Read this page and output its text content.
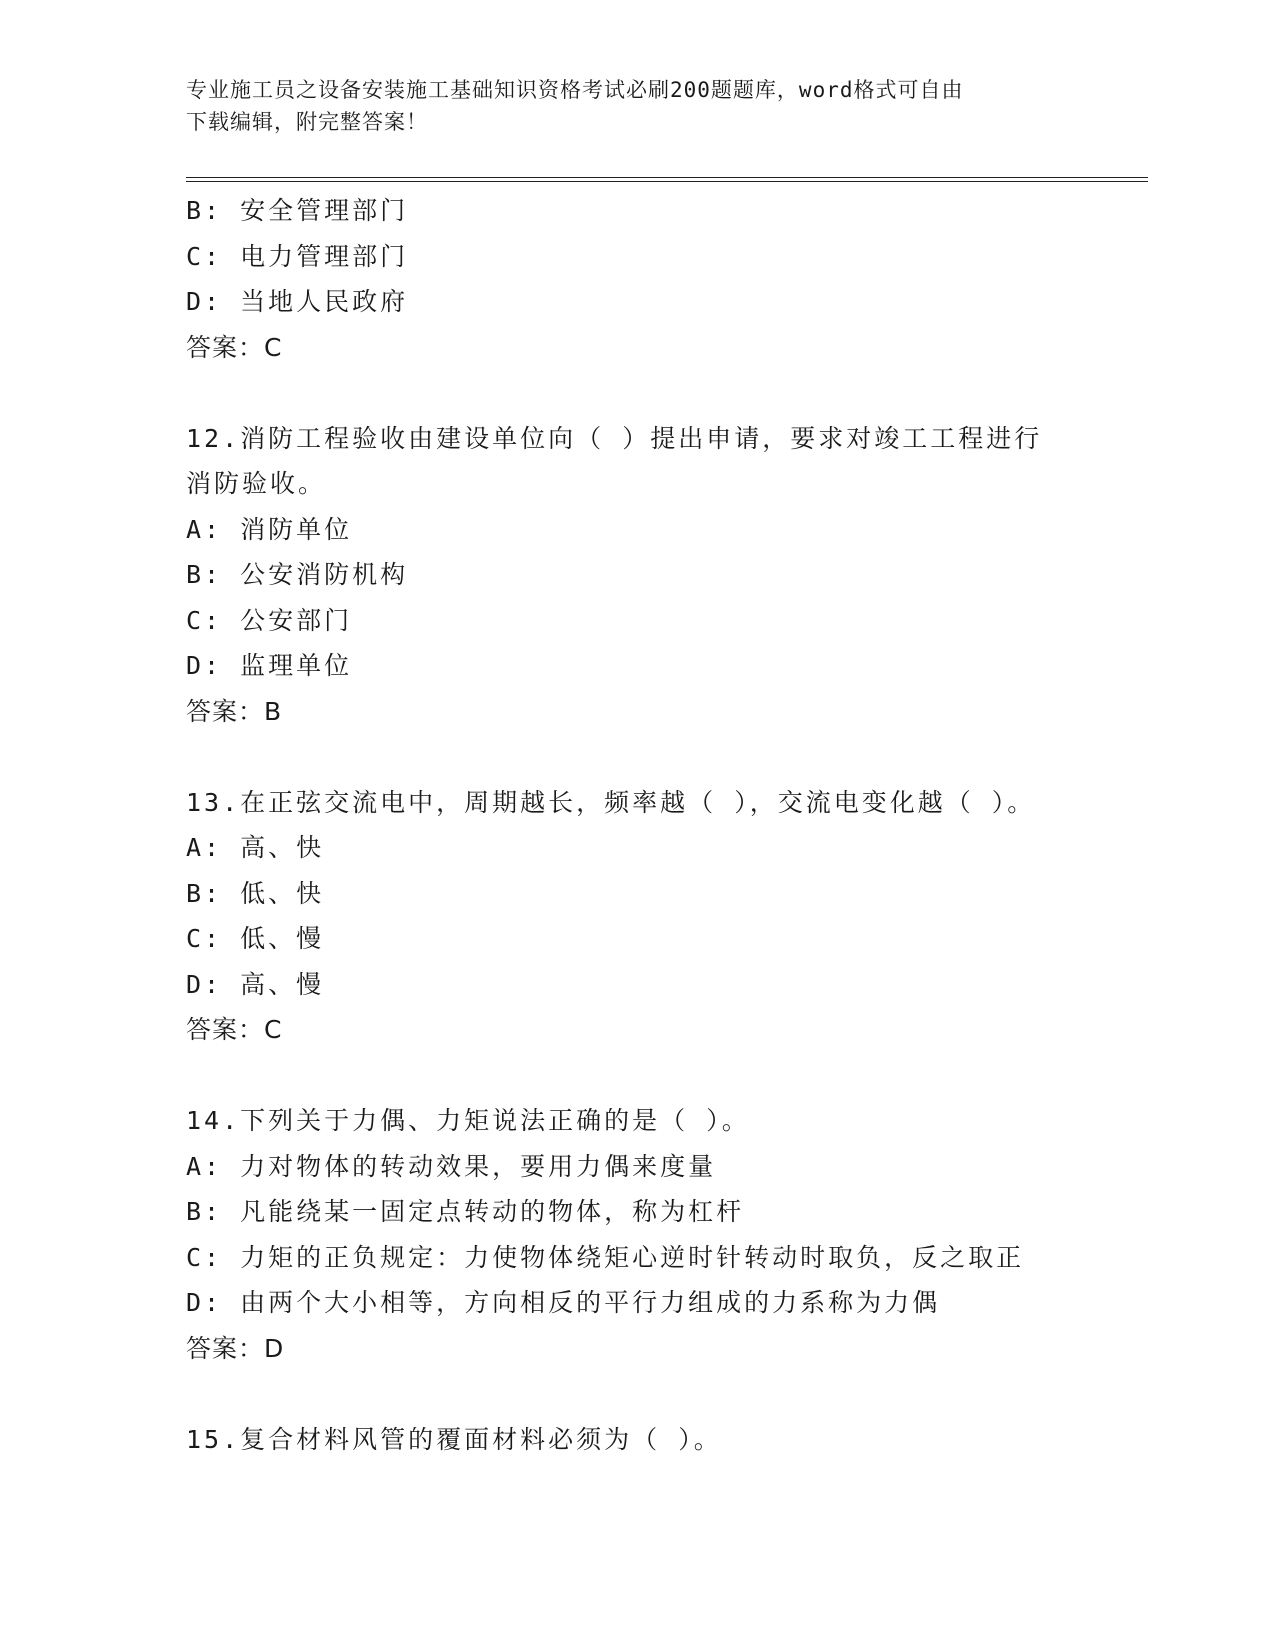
专业施工员之设备安装施工基础知识资格考试必刷200题题库，word格式可自由
下载编辑，附完整答案！
B: 安全管理部门
C: 电力管理部门
D: 当地人民政府
答案：C
12.消防工程验收由建设单位向（ ）提出申请，要求对竣工工程进行
消防验收。
A: 消防单位
B: 公安消防机构
C: 公安部门
D: 监理单位
答案：B
13.在正弦交流电中，周期越长，频率越（ ），交流电变化越（ ）。
A: 高、快
B: 低、快
C: 低、慢
D: 高、慢
答案：C
14.下列关于力偶、力矩说法正确的是（ ）。
A: 力对物体的转动效果，要用力偶来度量
B: 凡能绕某一固定点转动的物体，称为杠杆
C: 力矩的正负规定：力使物体绕矩心逆时针转动时取负，反之取正
D: 由两个大小相等，方向相反的平行力组成的力系称为力偶
答案：D
15.复合材料风管的覆面材料必须为（ ）。
